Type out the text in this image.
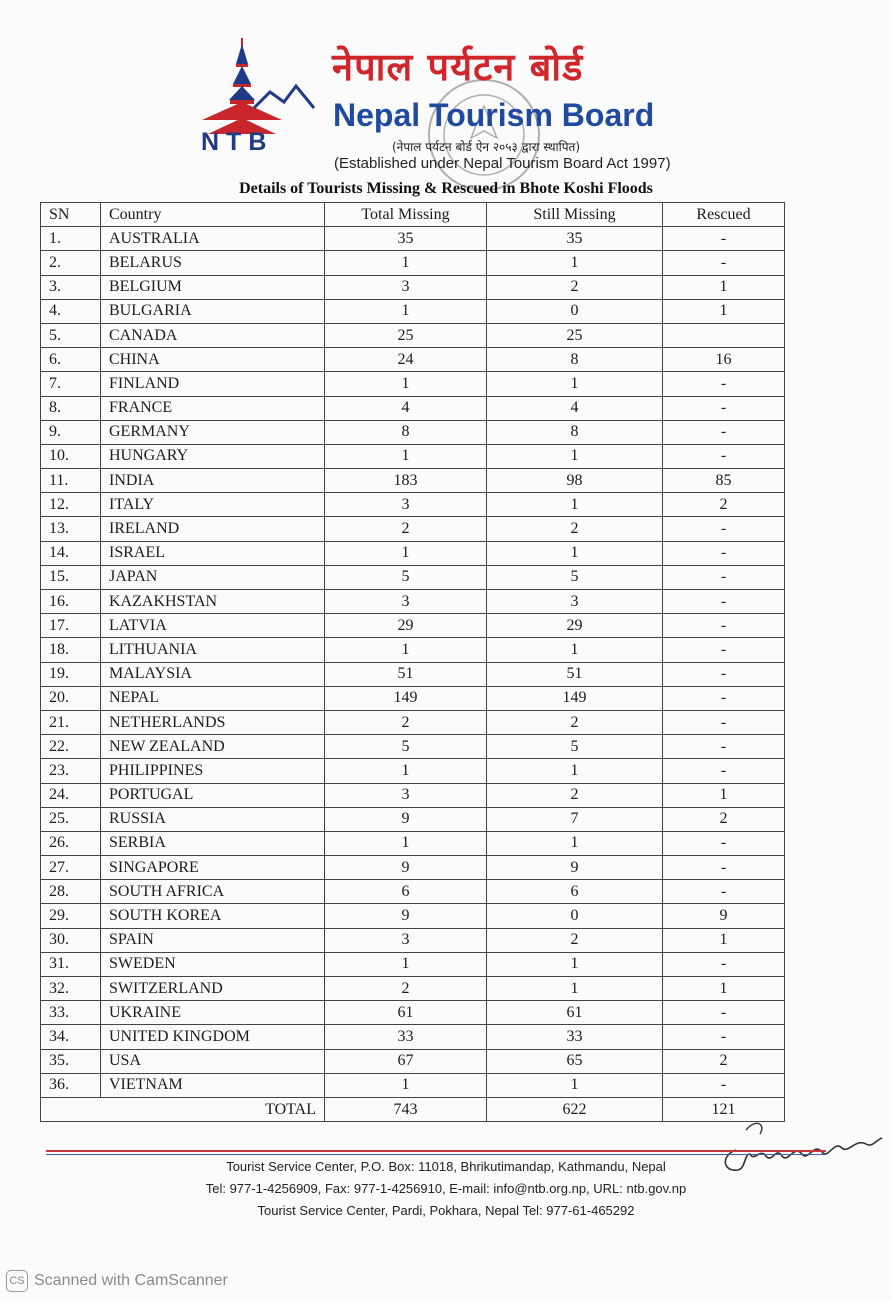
NTB
नेपाल पर्यटन बोर्ड
Nepal Tourism Board
(नेपाल पर्यटन बोर्ड ऐन २०५३ द्वारा स्थापित)
(Established under Nepal Tourism Board Act 1997)
Details of Tourists Missing & Rescued in Bhote Koshi Floods
SN	Country	Total Missing	Still Missing	Rescued
1.	AUSTRALIA	35	35	-
2.	BELARUS	1	1	-
3.	BELGIUM	3	2	1
4.	BULGARIA	1	0	1
5.	CANADA	25	25	
6.	CHINA	24	8	16
7.	FINLAND	1	1	-
8.	FRANCE	4	4	-
9.	GERMANY	8	8	-
10.	HUNGARY	1	1	-
11.	INDIA	183	98	85
12.	ITALY	3	1	2
13.	IRELAND	2	2	-
14.	ISRAEL	1	1	-
15.	JAPAN	5	5	-
16.	KAZAKHSTAN	3	3	-
17.	LATVIA	29	29	-
18.	LITHUANIA	1	1	-
19.	MALAYSIA	51	51	-
20.	NEPAL	149	149	-
21.	NETHERLANDS	2	2	-
22.	NEW ZEALAND	5	5	-
23.	PHILIPPINES	1	1	-
24.	PORTUGAL	3	2	1
25.	RUSSIA	9	7	2
26.	SERBIA	1	1	-
27.	SINGAPORE	9	9	-
28.	SOUTH AFRICA	6	6	-
29.	SOUTH KOREA	9	0	9
30.	SPAIN	3	2	1
31.	SWEDEN	1	1	-
32.	SWITZERLAND	2	1	1
33.	UKRAINE	61	61	-
34.	UNITED KINGDOM	33	33	-
35.	USA	67	65	2
36.	VIETNAM	1	1	-
TOTAL		743	622	121
Tourist Service Center, P.O. Box: 11018, Bhrikutimandap, Kathmandu, Nepal
Tel: 977-1-4256909, Fax: 977-1-4256910, E-mail: info@ntb.org.np, URL: ntb.gov.np
Tourist Service Center, Pardi, Pokhara, Nepal Tel: 977-61-465292
CS Scanned with CamScanner
